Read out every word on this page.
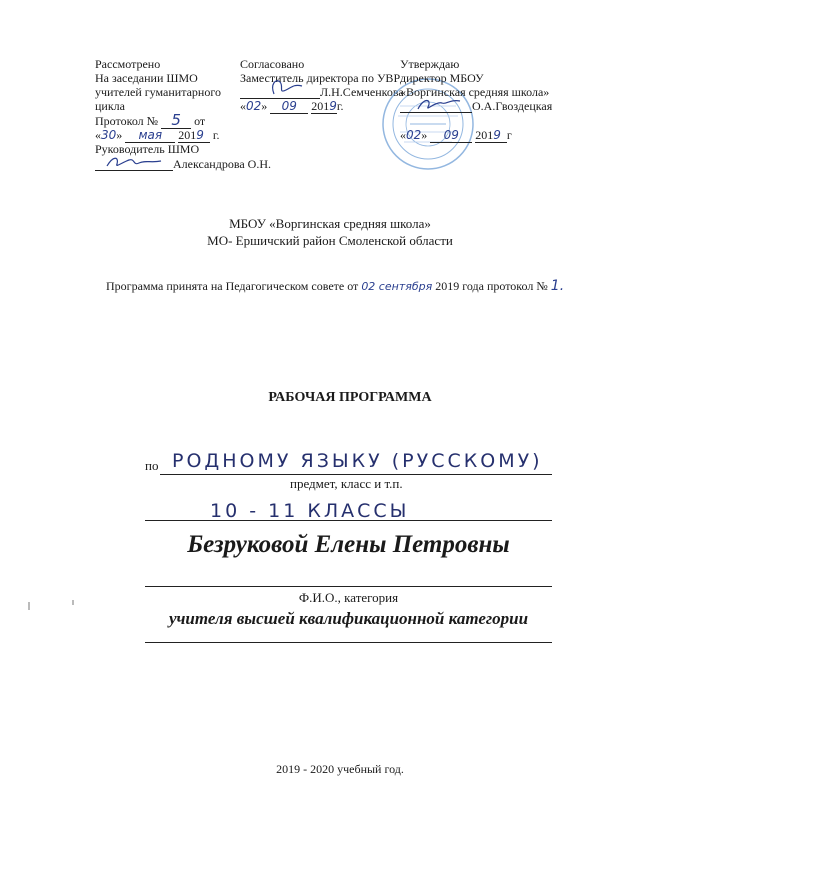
Рассмотрено
На заседании ШМО
учителей гуманитарного
цикла
Протокол № 5 от
«30» мая 2019 г.
Руководитель ШМО
Александрова О.Н.
Согласовано
Заместитель директора по УВР
Л.Н.Семченкова
«02» 09 2019г.
Утверждаю
директор МБОУ
«Воргинская средняя школа»
О.А.Гвоздецкая
«02» 09 2019 г
МБОУ «Воргинская средняя школа»
МО- Ершичский район Смоленской области
Программа принята на Педагогическом совете от 02 сентября 2019 года протокол № 1.
РАБОЧАЯ ПРОГРАММА
по РОДНОМУ ЯЗЫКУ (РУССКОМУ)
предмет, класс и т.п.
10 - 11 КЛАССЫ
Безруковой Елены Петровны
Ф.И.О., категория
учителя высшей квалификационной категории
2019 - 2020 учебный год.
